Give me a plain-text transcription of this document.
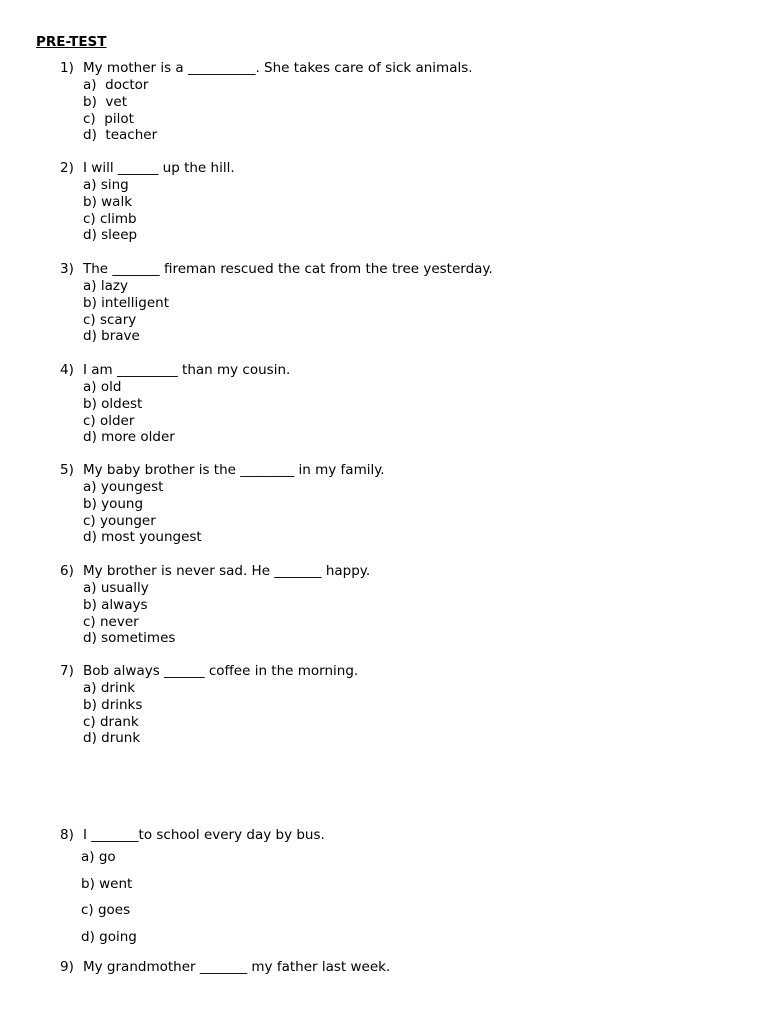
PRE-TEST
1) My mother is a __________. She takes care of sick animals.
a)  doctor
b)  vet
c)  pilot
d)  teacher
2) I will ______ up the hill.
a) sing
b) walk
c) climb
d) sleep
3) The _______ fireman rescued the cat from the tree yesterday.
a) lazy
b) intelligent
c) scary
d) brave
4) I am _________ than my cousin.
a) old
b) oldest
c) older
d) more older
5) My baby brother is the ________ in my family.
a) youngest
b) young
c) younger
d) most youngest
6) My brother is never sad. He _______ happy.
a) usually
b) always
c) never
d) sometimes
7) Bob always ______ coffee in the morning.
a) drink
b) drinks
c) drank
d) drunk
8) I _______to school every day by bus.
a) go
b) went
c) goes
d) going
9) My grandmother _______ my father last week.
